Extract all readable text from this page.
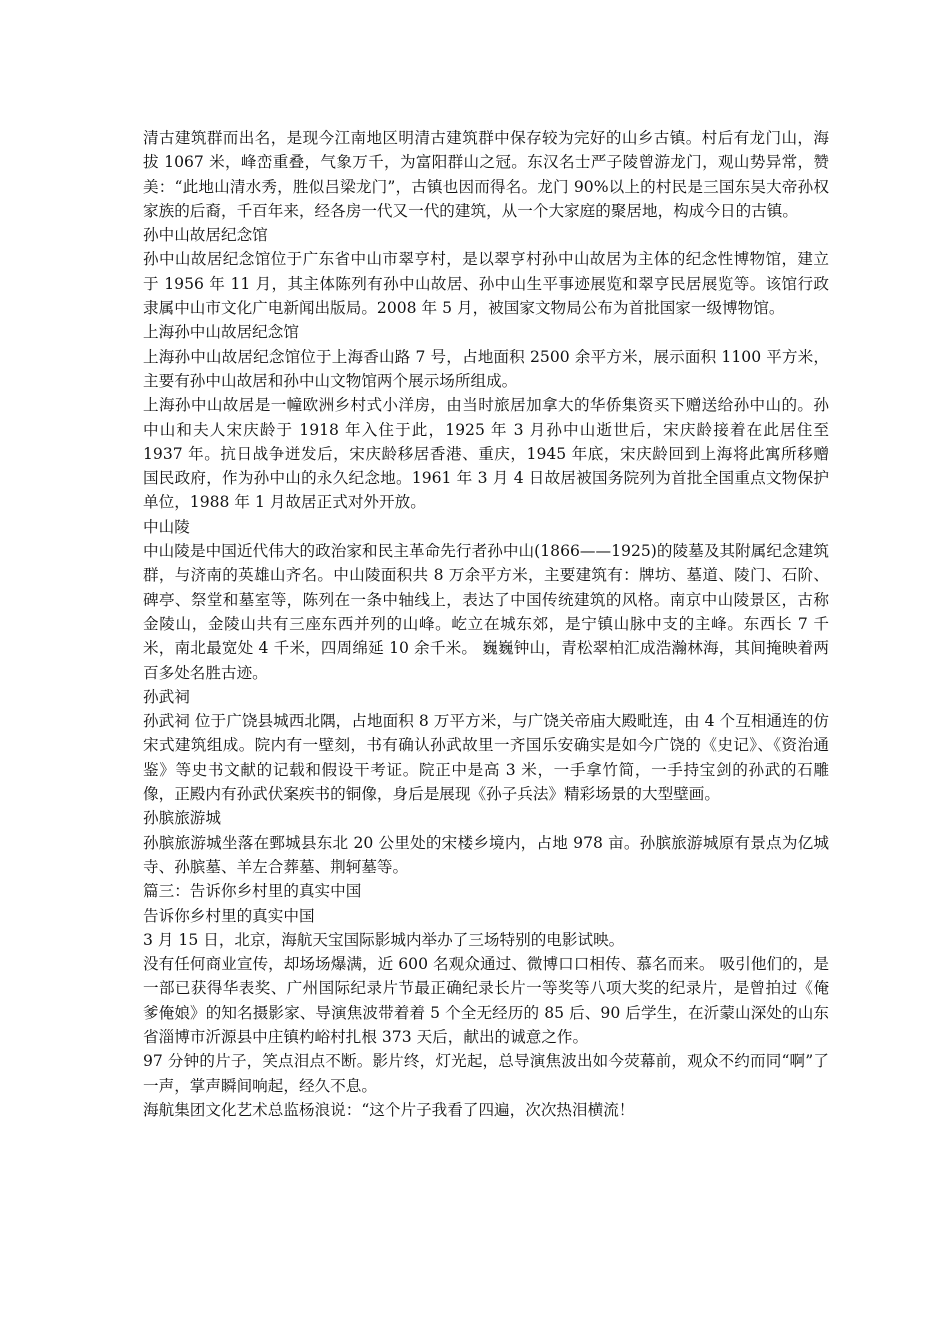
清古建筑群而出名，是现今江南地区明清古建筑群中保存较为完好的山乡古镇。村后有龙门山，海拔 1067 米，峰峦重叠，气象万千，为富阳群山之冠。东汉名士严子陵曾游龙门，观山势异常，赞美：“此地山清水秀，胜似吕梁龙门”，古镇也因而得名。龙门 90%以上的村民是三国东吴大帝孙权家族的后裔，千百年来，经各房一代又一代的建筑，从一个大家庭的聚居地，构成今日的古镇。

孙中山故居纪念馆

孙中山故居纪念馆位于广东省中山市翠亨村，是以翠亨村孙中山故居为主体的纪念性博物馆，建立于 1956 年 11 月，其主体陈列有孙中山故居、孙中山生平事迹展览和翠亨民居展览等。该馆行政隶属中山市文化广电新闻出版局。2008 年 5 月，被国家文物局公布为首批国家一级博物馆。

上海孙中山故居纪念馆

上海孙中山故居纪念馆位于上海香山路 7 号，占地面积 2500 余平方米，展示面积 1100 平方米，主要有孙中山故居和孙中山文物馆两个展示场所组成。

上海孙中山故居是一幢欧洲乡村式小洋房，由当时旅居加拿大的华侨集资买下赠送给孙中山的。孙中山和夫人宋庆龄于 1918 年入住于此，1925 年 3 月孙中山逝世后，宋庆龄接着在此居住至 1937 年。抗日战争迸发后，宋庆龄移居香港、重庆，1945 年底，宋庆龄回到上海将此寓所移赠 国民政府，作为孙中山的永久纪念地。1961 年 3 月 4 日故居被国务院列为首批全国重点文物保护单位，1988 年 1 月故居正式对外开放。

中山陵

中山陵是中国近代伟大的政治家和民主革命先行者孙中山(1866——1925)的陵墓及其附属纪念建筑群，与济南的英雄山齐名。中山陵面积共 8 万余平方米，主要建筑有：牌坊、墓道、陵门、石阶、碑亭、祭堂和墓室等，陈列在一条中轴线上，表达了中国传统建筑的风格。南京中山陵景区，古称金陵山，金陵山共有三座东西并列的山峰。屹立在城东郊，是宁镇山脉中支的主峰。东西长 7 千米，南北最宽处 4 千米，四周绵延 10 余千米。 巍巍钟山，青松翠柏汇成浩瀚林海，其间掩映着两百多处名胜古迹。

孙武祠

孙武祠 位于广饶县城西北隅，占地面积 8 万平方米，与广饶关帝庙大殿毗连，由 4 个互相通连的仿宋式建筑组成。院内有一壁刻，书有确认孙武故里一齐国乐安确实是如今广饶的《史记》、《资治通鉴》等史书文献的记载和假设干考证。院正中是高 3 米，一手拿竹简，一手持宝剑的孙武的石雕像，正殿内有孙武伏案疾书的铜像，身后是展现《孙子兵法》精彩场景的大型壁画。

孙膑旅游城

孙膑旅游城坐落在鄄城县东北 20 公里处的宋楼乡境内，占地 978 亩。孙膑旅游城原有景点为亿城寺、孙膑墓、羊左合葬墓、荆轲墓等。

篇三：告诉你乡村里的真实中国

告诉你乡村里的真实中国

3 月 15 日，北京，海航天宝国际影城内举办了三场特别的电影试映。

没有任何商业宣传，却场场爆满，近 600 名观众通过、微博口口相传、慕名而来。 吸引他们的，是一部已获得华表奖、广州国际纪录片节最正确纪录长片一等奖等八项大奖的纪录片，是曾拍过《俺爹俺娘》的知名摄影家、导演焦波带着着 5 个全无经历的 85 后、90 后学生，在沂蒙山深处的山东省淄博市沂源县中庄镇杓峪村扎根 373 天后，献出的诚意之作。

97 分钟的片子，笑点泪点不断。影片终，灯光起，总导演焦波出如今荧幕前，观众不约而同“啊”了一声，掌声瞬间响起，经久不息。

海航集团文化艺术总监杨浪说：“这个片子我看了四遍，次次热泪横流！
